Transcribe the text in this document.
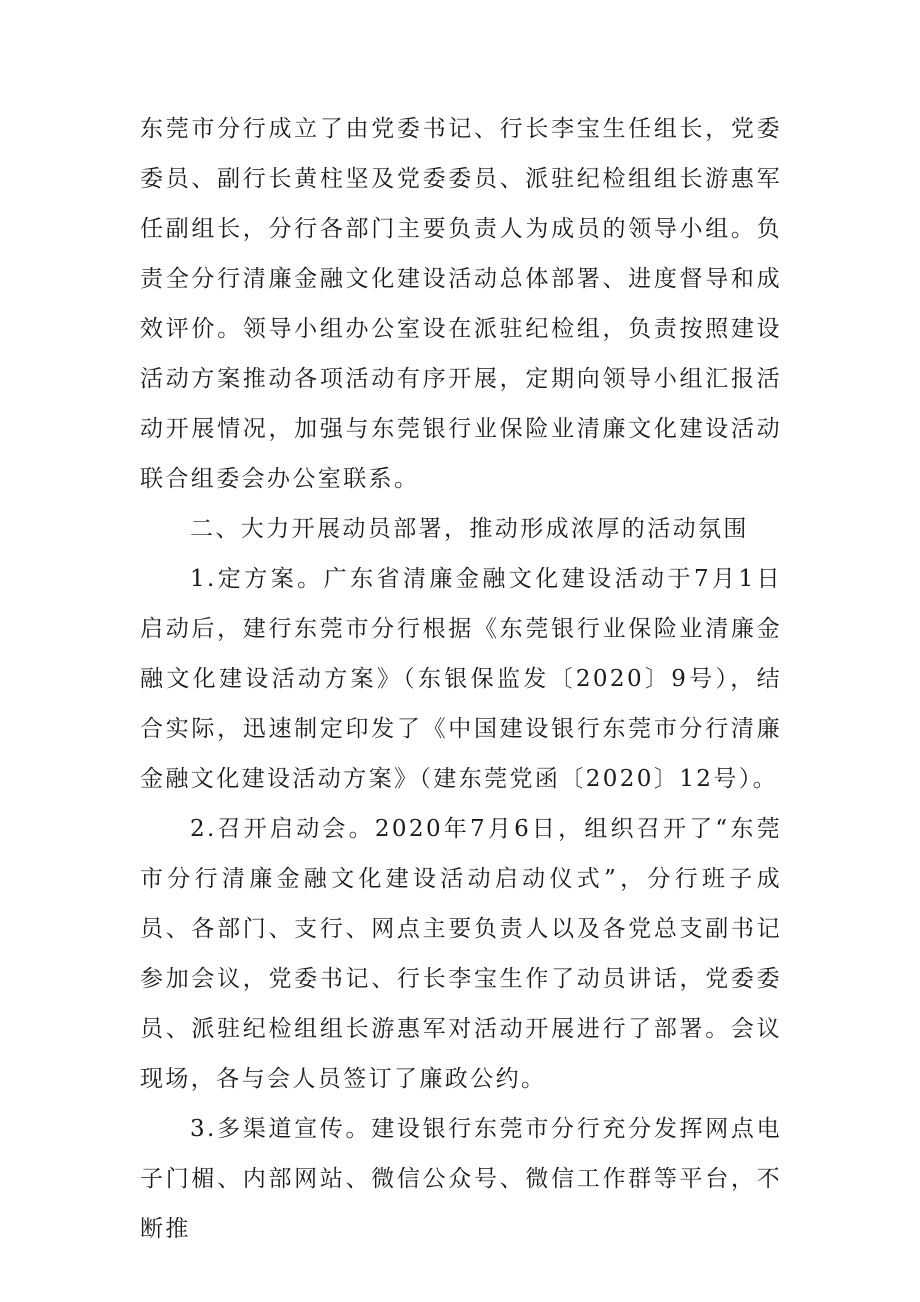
东莞市分行成立了由党委书记、行长李宝生任组长，党委委员、副行长黄柱坚及党委委员、派驻纪检组组长游惠军任副组长，分行各部门主要负责人为成员的领导小组。负责全分行清廉金融文化建设活动总体部署、进度督导和成效评价。领导小组办公室设在派驻纪检组，负责按照建设活动方案推动各项活动有序开展，定期向领导小组汇报活动开展情况，加强与东莞银行业保险业清廉文化建设活动联合组委会办公室联系。

二、大力开展动员部署，推动形成浓厚的活动氛围

1.定方案。广东省清廉金融文化建设活动于7月1日启动后，建行东莞市分行根据《东莞银行业保险业清廉金融文化建设活动方案》（东银保监发〔2020〕9号），结合实际，迅速制定印发了《中国建设银行东莞市分行清廉金融文化建设活动方案》（建东莞党函〔2020〕12号）。

2.召开启动会。2020年7月6日，组织召开了“东莞市分行清廉金融文化建设活动启动仪式”，分行班子成员、各部门、支行、网点主要负责人以及各党总支副书记参加会议，党委书记、行长李宝生作了动员讲话，党委委员、派驻纪检组组长游惠军对活动开展进行了部署。会议现场，各与会人员签订了廉政公约。

3.多渠道宣传。建设银行东莞市分行充分发挥网点电子门楣、内部网站、微信公众号、微信工作群等平台，不断推
